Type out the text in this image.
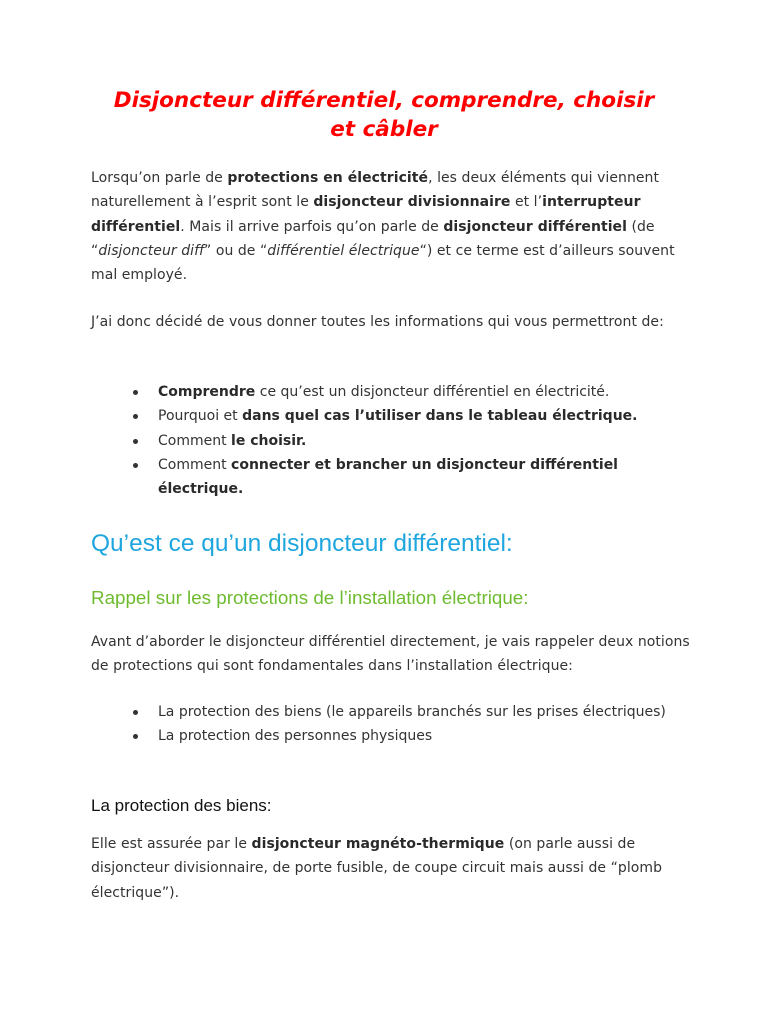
Disjoncteur différentiel, comprendre, choisir
et câbler

Lorsqu’on parle de protections en électricité, les deux éléments qui viennent naturellement à l’esprit sont le disjoncteur divisionnaire et l’interrupteur différentiel. Mais il arrive parfois qu’on parle de disjoncteur différentiel (de “disjoncteur diff” ou de “différentiel électrique“) et ce terme est d’ailleurs souvent mal employé.

J’ai donc décidé de vous donner toutes les informations qui vous permettront de:

Comprendre ce qu’est un disjoncteur différentiel en électricité.
Pourquoi et dans quel cas l’utiliser dans le tableau électrique.
Comment le choisir.
Comment connecter et brancher un disjoncteur différentiel électrique.
Qu’est ce qu’un disjoncteur différentiel:
Rappel sur les protections de l’installation électrique:

Avant d’aborder le disjoncteur différentiel directement, je vais rappeler deux notions de protections qui sont fondamentales dans l’installation électrique:

La protection des biens (le appareils branchés sur les prises électriques)
La protection des personnes physiques
La protection des biens:

Elle est assurée par le disjoncteur magnéto-thermique (on parle aussi de disjoncteur divisionnaire, de porte fusible, de coupe circuit mais aussi de “plomb électrique”).
